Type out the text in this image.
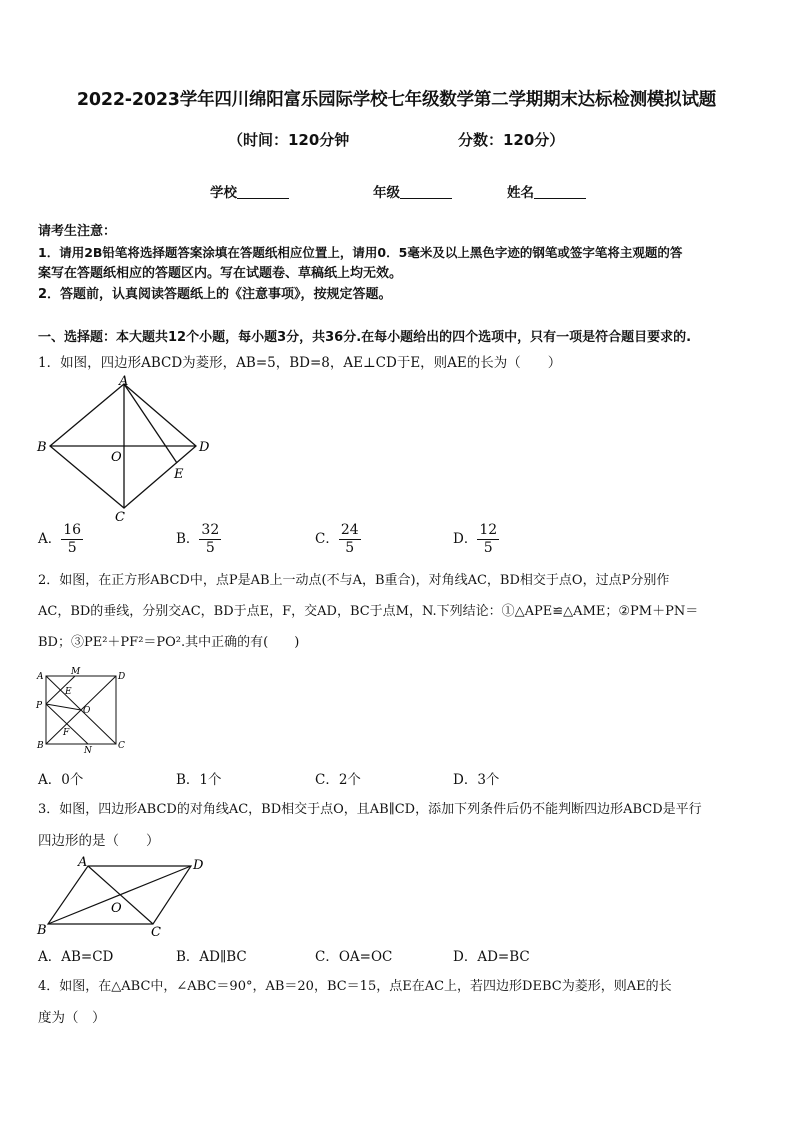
2022-2023学年四川绵阳富乐园际学校七年级数学第二学期期末达标检测模拟试题
（时间：120分钟	分数：120分）
学校	年级	姓名
请考生注意：
1．请用2B铅笔将选择题答案涂填在答题纸相应位置上，请用0．5毫米及以上黑色字迹的钢笔或签字笔将主观题的答
案写在答题纸相应的答题区内。写在试题卷、草稿纸上均无效。
2．答题前，认真阅读答题纸上的《注意事项》，按规定答题。
一、选择题：本大题共12个小题，每小题3分，共36分.在每小题给出的四个选项中，只有一项是符合题目要求的.
1．如图，四边形ABCD为菱形，AB=5，BD=8，AE⊥CD于E，则AE的长为（　　）
A
B	D
O
E
C
A． $\frac{16}{5}$	B． $\frac{32}{5}$	C． $\frac{24}{5}$	D． $\frac{12}{5}$
2．如图，在正方形ABCD中，点P是AB上一动点(不与A，B重合)，对角线AC，BD相交于点O，过点P分别作
AC，BD的垂线，分别交AC，BD于点E，F，交AD，BC于点M，N.下列结论：①△APE≌△AME；②PM＋PN＝
BD；③PE²＋PF²＝PO².其中正确的有(　　)
A	M	D
E
P	O
F
B	N	C
A．0个	B．1个	C．2个	D．3个
3．如图，四边形ABCD的对角线AC，BD相交于点O，且AB∥CD，添加下列条件后仍不能判断四边形ABCD是平行
四边形的是（　　）
A	D
O
B	C
A．AB=CD	B．AD∥BC	C．OA=OC	D．AD=BC
4．如图，在△ABC中，∠ABC＝90°，AB＝20，BC＝15，点E在AC上，若四边形DEBC为菱形，则AE的长
度为（　）
